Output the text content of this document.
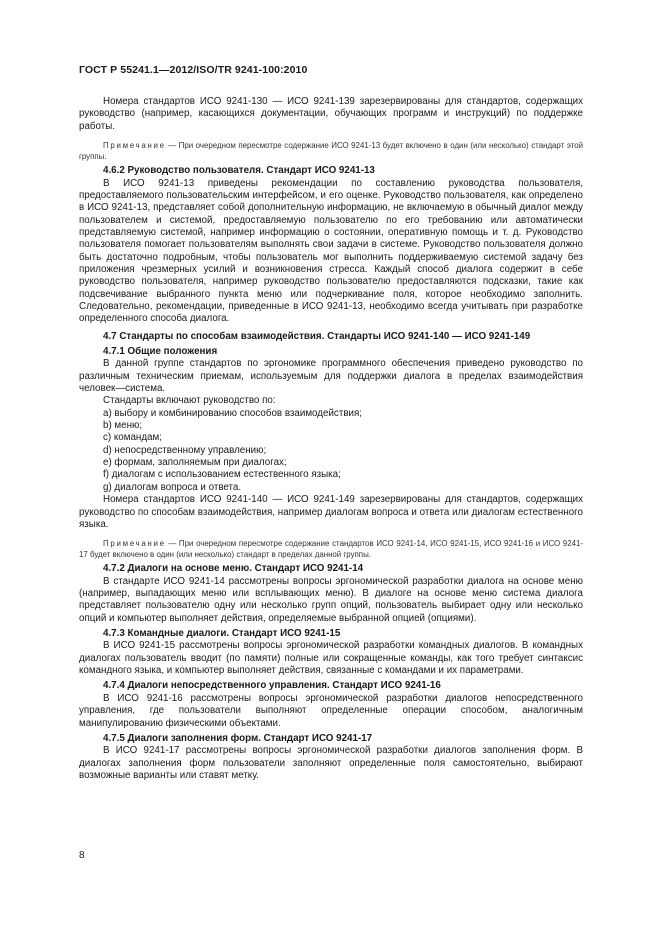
ГОСТ Р 55241.1—2012/ISO/TR 9241-100:2010

Номера стандартов ИСО 9241-130 — ИСО 9241-139 зарезервированы для стандартов, содержащих руководство (например, касающихся документации, обучающих программ и инструкций) по поддержке работы.

Примечание — При очередном пересмотре содержание ИСО 9241-13 будет включено в один (или несколько) стандарт этой группы.

4.6.2 Руководство пользователя. Стандарт ИСО 9241-13

В ИСО 9241-13 приведены рекомендации по составлению руководства пользователя, предоставляемого пользовательским интерфейсом, и его оценке. Руководство пользователя, как определено в ИСО 9241-13, представляет собой дополнительную информацию, не включаемую в обычный диалог между пользователем и системой, предоставляемую пользователю по его требованию или автоматически представляемую системой, например информацию о состоянии, оперативную помощь и т. д. Руководство пользователя помогает пользователям выполнять свои задачи в системе. Руководство пользователя должно быть достаточно подробным, чтобы пользователь мог выполнить поддерживаемую системой задачу без приложения чрезмерных усилий и возникновения стресса. Каждый способ диалога содержит в себе руководство пользователя, например руководство пользователю предоставляются подсказки, такие как подсвечивание выбранного пункта меню или подчеркивание поля, которое необходимо заполнить. Следовательно, рекомендации, приведенные в ИСО 9241-13, необходимо всегда учитывать при разработке определенного способа диалога.

4.7 Стандарты по способам взаимодействия. Стандарты ИСО 9241-140 — ИСО 9241-149

4.7.1 Общие положения

В данной группе стандартов по эргономике программного обеспечения приведено руководство по различным техническим приемам, используемым для поддержки диалога в пределах взаимодействия человек—система.

Стандарты включают руководство по:

a) выбору и комбинированию способов взаимодействия;

b) меню;

c) командам;

d) непосредственному управлению;

e) формам, заполняемым при диалогах;

f) диалогам с использованием естественного языка;

g) диалогам вопроса и ответа.

Номера стандартов ИСО 9241-140 — ИСО 9241-149 зарезервированы для стандартов, содержащих руководство по способам взаимодействия, например диалогам вопроса и ответа или диалогам естественного языка.

Примечание — При очередном пересмотре содержание стандартов ИСО 9241-14, ИСО 9241-15, ИСО 9241-16 и ИСО 9241-17 будет включено в один (или несколько) стандарт в пределах данной группы.

4.7.2 Диалоги на основе меню. Стандарт ИСО 9241-14

В стандарте ИСО 9241-14 рассмотрены вопросы эргономической разработки диалога на основе меню (например, выпадающих меню или всплывающих меню). В диалоге на основе меню система диалога представляет пользователю одну или несколько групп опций, пользователь выбирает одну или несколько опций и компьютер выполняет действия, определяемые выбранной опцией (опциями).

4.7.3 Командные диалоги. Стандарт ИСО 9241-15

В ИСО 9241-15 рассмотрены вопросы эргономической разработки командных диалогов. В командных диалогах пользователь вводит (по памяти) полные или сокращенные команды, как того требует синтаксис командного языка, и компьютер выполняет действия, связанные с командами и их параметрами.

4.7.4 Диалоги непосредственного управления. Стандарт ИСО 9241-16

В ИСО 9241-16 рассмотрены вопросы эргономической разработки диалогов непосредственного управления, где пользователи выполняют определенные операции способом, аналогичным манипулированию физическими объектами.

4.7.5 Диалоги заполнения форм. Стандарт ИСО 9241-17

В ИСО 9241-17 рассмотрены вопросы эргономической разработки диалогов заполнения форм. В диалогах заполнения форм пользователи заполняют определенные поля самостоятельно, выбирают возможные варианты или ставят метку.

8
